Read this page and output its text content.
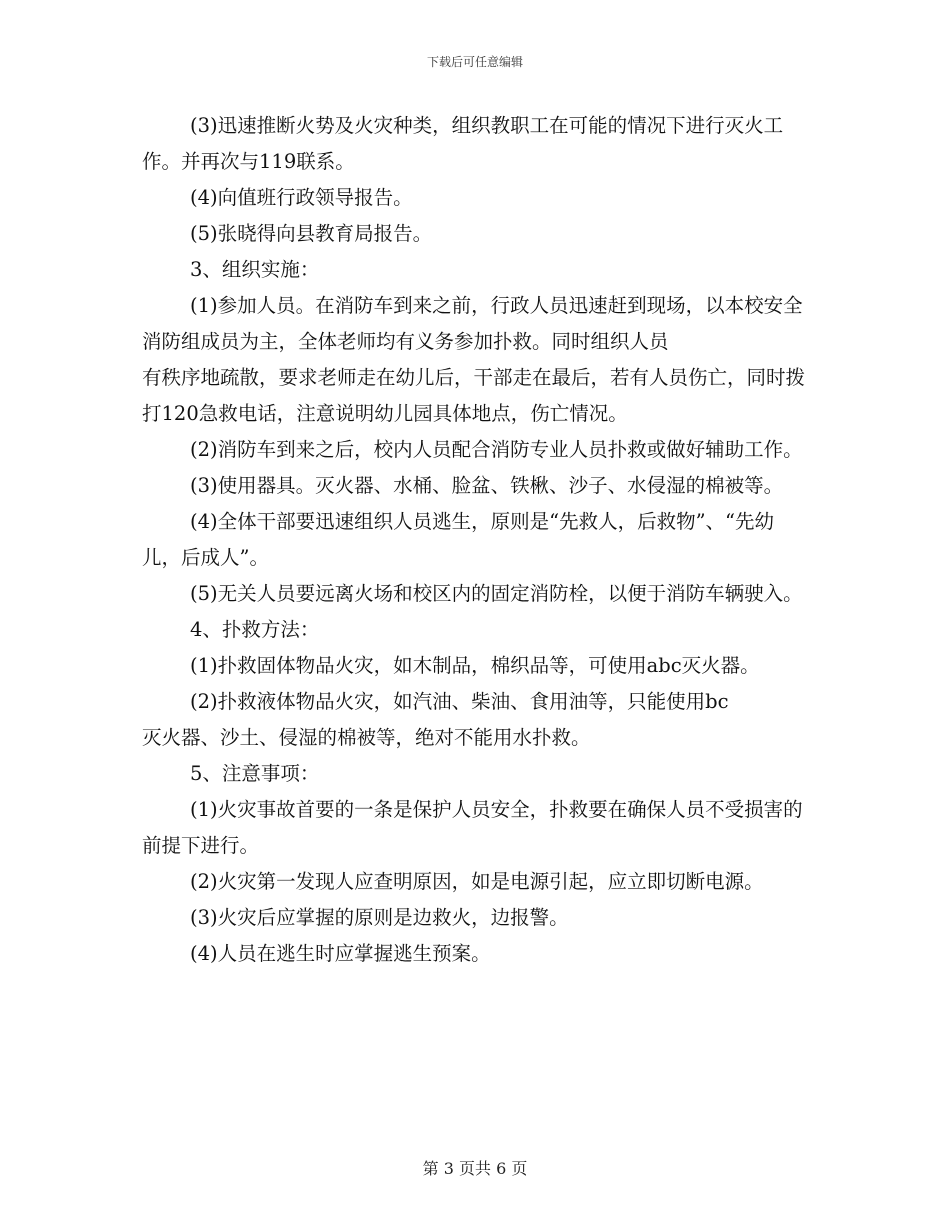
下载后可任意编辑

(3)迅速推断火势及火灾种类，组织教职工在可能的情况下进行灭火工作。并再次与119联系。

(4)向值班行政领导报告。

(5)张晓得向县教育局报告。

3、组织实施：

(1)参加人员。在消防车到来之前，行政人员迅速赶到现场，以本校安全消防组成员为主，全体老师均有义务参加扑救。同时组织人员

有秩序地疏散，要求老师走在幼儿后，干部走在最后，若有人员伤亡，同时拨打120急救电话，注意说明幼儿园具体地点，伤亡情况。

(2)消防车到来之后，校内人员配合消防专业人员扑救或做好辅助工作。

(3)使用器具。灭火器、水桶、脸盆、铁楸、沙子、水侵湿的棉被等。

(4)全体干部要迅速组织人员逃生，原则是“先救人，后救物”、“先幼儿，后成人”。

(5)无关人员要远离火场和校区内的固定消防栓，以便于消防车辆驶入。

4、扑救方法：

(1)扑救固体物品火灾，如木制品，棉织品等，可使用abc灭火器。

(2)扑救液体物品火灾，如汽油、柴油、食用油等，只能使用bc

灭火器、沙土、侵湿的棉被等，绝对不能用水扑救。

5、注意事项：

(1)火灾事故首要的一条是保护人员安全，扑救要在确保人员不受损害的前提下进行。

(2)火灾第一发现人应查明原因，如是电源引起，应立即切断电源。

(3)火灾后应掌握的原则是边救火，边报警。

(4)人员在逃生时应掌握逃生预案。

第 3 页共 6 页
